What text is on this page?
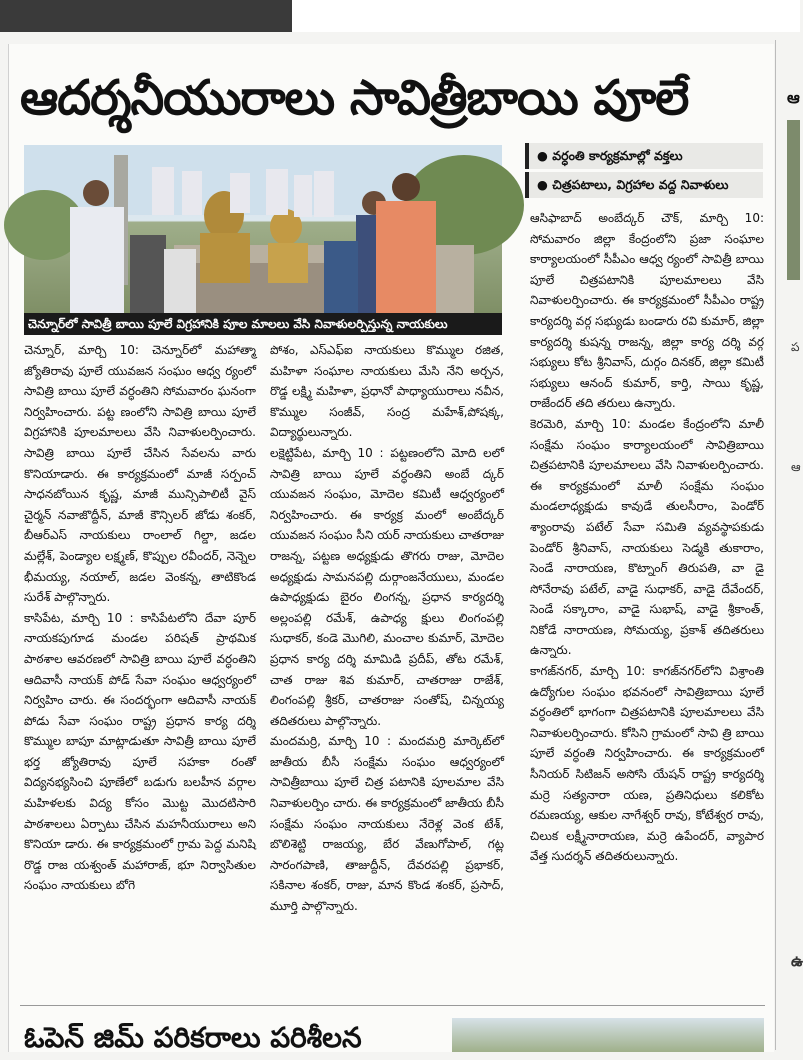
ఆ
ప
ఆ
ఉ
ఆదర్శనీయురాలు సావిత్రీబాయి పూలే
చెన్నూర్‌లో సావిత్రీ బాయి పూలే విగ్రహానికి పూల మాలలు వేసి నివాళులర్పిస్తున్న నాయకులు
● వర్ధంతి కార్యక్రమాల్లో వక్తలు
● చిత్రపటాలు, విగ్రహాల వద్ద నివాళులు

చెన్నూర్, మార్చి 10: చెన్నూర్‌లో మహాత్మా జ్యోతిరావు పూలే యువజన సంఘం ఆధ్వ ర్యంలో సావిత్రి బాయి పూలే వర్ధంతిని సోమవారం ఘనంగా నిర్వహించారు. పట్ట ణంలోని సావిత్రి బాయి పూలే విగ్రహానికి పూలమాలలు వేసి నివాళులర్పించారు. సావిత్రి బాయి పూలే చేసిన సేవలను వారు కొనియాడారు. ఈ కార్యక్రమంలో మాజీ సర్పంచ్ సాధనబోయిన కృష్ణ, మాజీ మున్సిపాలిటీ వైస్ చైర్మన్ నవాజొద్దీన్, మాజీ కౌన్సిలర్ జోడు శంకర్, బీఆర్ఎస్ నాయకులు రాంలాల్ గిల్డా, జడల మల్లేశ్, పెండ్యాల లక్ష్మణ్, కొప్పుల రవీందర్, నెన్నెల భీమయ్య, నయాల్, జడల వెంకన్న, తాటికొండ సురేశ్ పాల్గొన్నారు.

కాసిపేట, మార్చి 10 : కాసిపేటలోని దేవా పూర్ నాయకపుగూడ మండల పరిషత్ ప్రాథమిక పాఠశాల ఆవరణలో సావిత్రి బాయి పూలే వర్ధంతిని ఆదివాసీ నాయక్ పోడ్ సేవా సంఘం ఆధ్వర్యంలో నిర్వహిం చారు. ఈ సందర్భంగా ఆదివాసీ నాయక్ పోడు సేవా సంఘం రాష్ట్ర ప్రధాన కార్య దర్శి కొమ్ముల బాపూ మాట్లాడుతూ సావిత్రీ బాయి పూలే భర్త జ్యోతిరావు పూలే సహకా రంతో విద్యనభ్యసించి పూణేలో బడుగు బలహీన వర్గాల మహిళలకు విద్య కోసం మొట్ట మొదటిసారి పాఠశాలలు ఏర్పాటు చేసిన మహనీయురాలు అని కొనియా డారు. ఈ కార్యక్రమంలో గ్రామ పెద్ద మనిషి రొడ్డ రాజ యశ్వంత్ మహారాజ్, భూ నిర్వాసితుల సంఘం నాయకులు బోగె

పోశం, ఎస్‌ఎఫ్‌ఐ నాయకులు కొమ్ముల రజిత, మహిళా సంఘాల నాయకులు మేసి నేని అర్చన, రొడ్డ లక్ష్మి మహిళా, ప్రధానో పాధ్యాయురాలు నవీన, కొమ్ముల సంజీవ్, సంద్ర మహేశ్,పోషక్క, విద్యార్థులున్నారు.

లక్షెట్టిపేట, మార్చి 10 : పట్టణంలోని మోది లలో సావిత్రి బాయి పూలే వర్ధంతిని అంబే ద్కర్ యువజన సంఘం, మోదెల కమిటీ ఆధ్వర్యంలో నిర్వహించారు. ఈ కార్యక్ర మంలో అంబేద్కర్ యువజన సంఘం సీని యర్ నాయకులు చాతరాజు రాజన్న, పట్టణ అధ్యక్షుడు తొగరు రాజు, మోదెల అధ్యక్షుడు సామనపల్లి దుర్గాంజనేయులు, మండల ఉపాధ్యక్షుడు బైరం లింగన్న, ప్రధాన కార్యదర్శి అల్లంపల్లి రమేశ్, ఉపాధ్య క్షులు లింగంపల్లి సుధాకర్, కండె మొగిలి, మంచాల కుమార్, మోదెల ప్రధాన కార్య దర్శి మామిడి ప్రదీప్, తోట రమేశ్, చాత రాజు శివ కుమార్, చాతరాజు రాజేశ్, లింగంపల్లి శ్రీకర్, చాతరాజు సంతోష్, చిన్నయ్య తదితరులు పాల్గొన్నారు.

మందమర్రి, మార్చి 10 : మందమర్రి మార్కెట్‌లో జాతీయ బీసీ సంక్షేమ సంఘం ఆధ్వర్యంలో సావిత్రీబాయి పూలే చిత్ర పటానికి పూలమాల వేసి నివాళులర్పిం చారు. ఈ కార్యక్రమంలో జాతీయ బీసీ సంక్షేమ సంఘం నాయకులు నేరెళ్ల వెంక టేశ్, బొలిశెట్టి రాజయ్య, బేర వేణుగోపాల్, గట్ల సారంగపాణి, తాజుద్దీన్, దేవరపల్లి ప్రభాకర్, సకినాల శంకర్, రాజు, మాన కొండ శంకర్, ప్రసాద్, మూర్తి పాల్గొన్నారు.

ఆసిఫాబాద్ అంబేద్కర్ చౌక్, మార్చి 10: సోమవారం జిల్లా కేంద్రంలోని ప్రజా సంఘాల కార్యాలయంలో సీపీఎం ఆధ్వ ర్యంలో సావిత్రీ బాయి పూలే చిత్రపటానికి పూలమాలలు వేసి నివాళులర్పించారు. ఈ కార్యక్రమంలో సీపీఎం రాష్ట్ర కార్యదర్శి వర్గ సభ్యుడు బండారు రవి కుమార్, జిల్లా కార్యదర్శి కుషన్న రాజన్న, జిల్లా కార్య దర్శి వర్గ సభ్యులు కోట శ్రీనివాస్, దుర్గం దినకర్, జిల్లా కమిటీ సభ్యులు ఆనంద్ కుమార్, కార్తి, సాయి కృష్ణ, రాజేందర్ తది తరులు ఉన్నారు.

కెరమెరి, మార్చి 10: మండల కేంద్రంలోని మాలీ సంక్షేమ సంఘం కార్యాలయంలో సావిత్రిబాయి చిత్రపటానికి పూలమాలలు వేసి నివాళులర్పించారు. ఈ కార్యక్రమంలో మాలీ సంక్షేమ సంఘం మండలాధ్యక్షుడు కావుడే తులసీరాం, పెండోర్ శ్యాంరావు పటేల్ సేవా సమితి వ్యవస్థాపకుడు పెండోర్ శ్రీనివాస్, నాయకులు సెడ్మకి తుకారాం, సెండే నారాయణ, కొట్నాంగ్ తిరుపతి, వా డై సోనేరావు పటేల్, వాడై సుధాకర్, వాడై దేవేందర్, సెండే సక్కారాం, వాడై సుభాష్, వాడై శ్రీకాంత్, నికోడే నారాయణ, సోమయ్య, ప్రకాశ్ తదితరులు ఉన్నారు.

కాగజ్‌నగర్, మార్చి 10: కాగజ్‌నగర్‌లోని విశ్రాంతి ఉద్యోగుల సంఘం భవనంలో సావిత్రిబాయి పూలే వర్ధంతిలో భాగంగా చిత్రపటానికి పూలమాలలు వేసి నివాళులర్పించారు. కోసిని గ్రామంలో సావి త్రి బాయి పూలే వర్ధంతి నిర్వహించారు. ఈ కార్యక్రమంలో సీనియర్ సిటిజన్ అసోసి యేషన్ రాష్ట్ర కార్యదర్శి మర్రె సత్యనారా యణ, ప్రతినిధులు కలికోట రమణయ్య, ఆకుల నాగేశ్వర్ రావు, కోటేశ్వర రావు, చిలుక లక్ష్మీనారాయణ, మర్రె ఉపేందర్, వ్యాపార వేత్త సుదర్శన్ తదితరులున్నారు.

ఓపెన్ జిమ్ పరికరాలు పరిశీలన
